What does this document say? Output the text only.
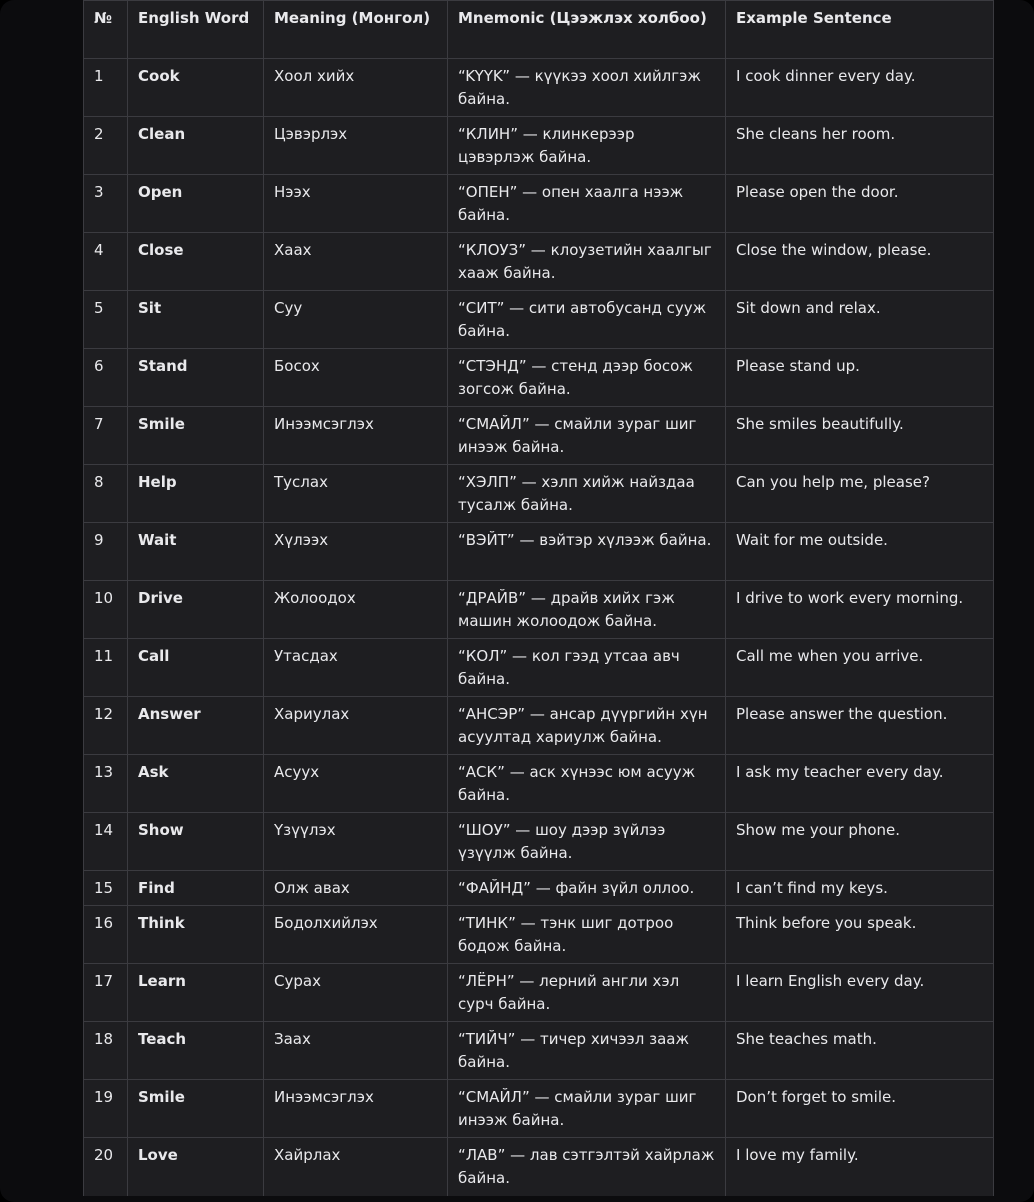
№	English Word	Meaning (Монгол)	Mnemonic (Цээжлэх холбоо)	Example Sentence
1	Cook	Хоол хийх	“KYYK” — күүкээ хоол хийлгэж байна.	I cook dinner every day.
2	Clean	Цэвэрлэх	“КЛИН” — клинкерээр цэвэрлэж байна.	She cleans her room.
3	Open	Нээх	“ОПЕН” — опен хаалга нээж байна.	Please open the door.
4	Close	Хаах	“КЛОУЗ” — клоузетийн хаалгыг хааж байна.	Close the window, please.
5	Sit	Суу	“СИТ” — сити автобусанд сууж байна.	Sit down and relax.
6	Stand	Босох	“СТЭНД” — стенд дээр босож зогсож байна.	Please stand up.
7	Smile	Инээмсэглэх	“СМАЙЛ” — смайли зураг шиг инээж байна.	She smiles beautifully.
8	Help	Туслах	“ХЭЛП” — хэлп хийж найздаа тусалж байна.	Can you help me, please?
9	Wait	Хүлээх	“ВЭЙТ” — вэйтэр хүлээж байна.	Wait for me outside.
10	Drive	Жолоодох	“ДРАЙВ” — драйв хийх гэж машин жолоодож байна.	I drive to work every morning.
11	Call	Утасдах	“КОЛ” — кол гээд утсаа авч байна.	Call me when you arrive.
12	Answer	Хариулах	“АНСЭР” — ансар дүүргийн хүн асуултад хариулж байна.	Please answer the question.
13	Ask	Асуух	“АСК” — аск хүнээс юм асууж байна.	I ask my teacher every day.
14	Show	Үзүүлэх	“ШОУ” — шоу дээр зүйлээ үзүүлж байна.	Show me your phone.
15	Find	Олж авах	“ФАЙНД” — файн зүйл оллоо.	I can’t find my keys.
16	Think	Бодолхийлэх	“ТИНК” — тэнк шиг дотроо бодож байна.	Think before you speak.
17	Learn	Сурах	“ЛЁРН” — лерний англи хэл сурч байна.	I learn English every day.
18	Teach	Заах	“ТИЙЧ” — тичер хичээл зааж байна.	She teaches math.
19	Smile	Инээмсэглэх	“СМАЙЛ” — смайли зураг шиг инээж байна.	Don’t forget to smile.
20	Love	Хайрлах	“ЛАВ” — лав сэтгэлтэй хайрлаж байна.	I love my family.
